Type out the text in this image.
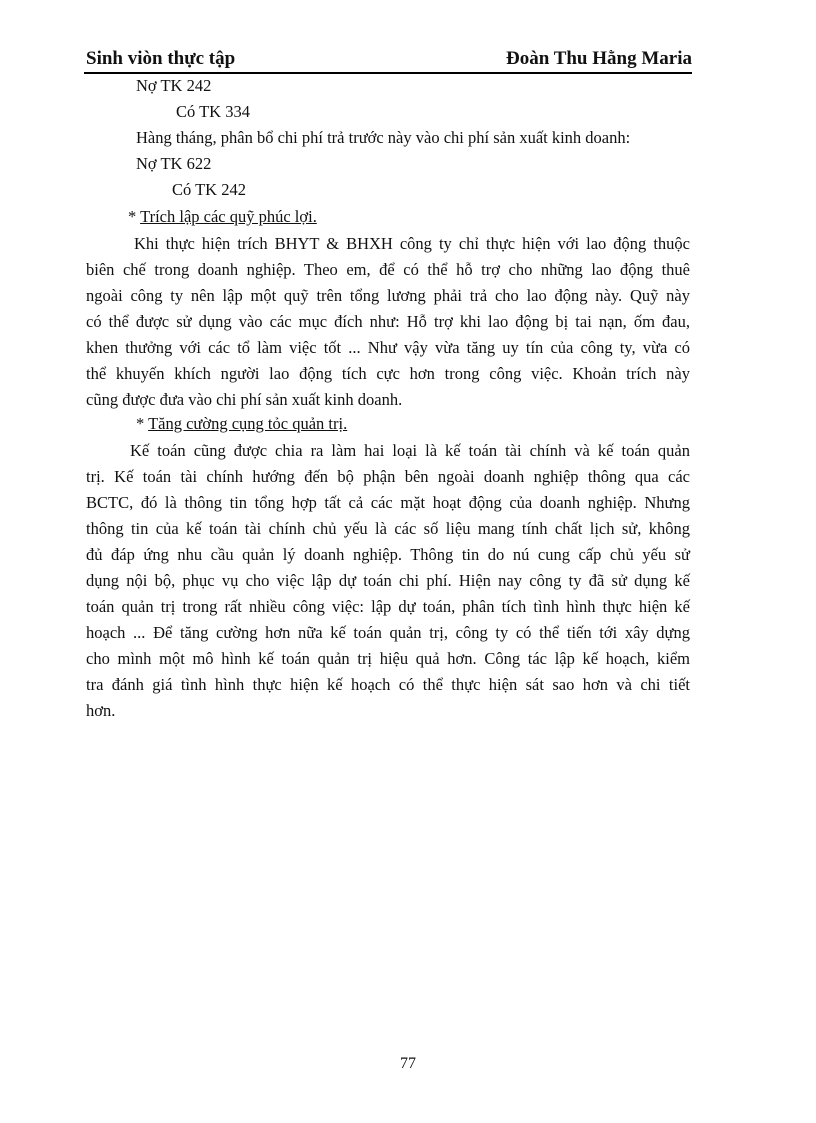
Sinh viòn thực tập	Đoàn Thu Hằng Maria
Nợ TK 242
Có TK 334
Hàng tháng, phân bổ chi phí trả trước này vào chi phí sản xuất kinh doanh:
Nợ TK 622
Có TK 242
* Trích lập các quỹ phúc lợi.
Khi thực hiện trích BHYT & BHXH công ty chỉ thực hiện với lao động thuộc
biên chế trong doanh nghiệp. Theo em, để có thể hỗ trợ cho những lao động thuê
ngoài công ty nên lập một quỹ trên tổng lương phải trả cho lao động này. Quỹ này
có thể được sử dụng vào các mục đích như: Hỗ trợ khi lao động bị tai nạn, ốm đau,
khen thưởng với các tổ làm việc tốt ... Như vậy vừa tăng uy tín của công ty, vừa có
thể khuyến khích người lao động tích cực hơn trong công việc. Khoản trích này
cũng được đưa vào chi phí sản xuất kinh doanh.
* Tăng cường cụng tỏc quản trị.
Kế toán cũng được chia ra làm hai loại là kế toán tài chính và kế toán quản
trị. Kế toán tài chính hướng đến bộ phận bên ngoài doanh nghiệp thông qua các
BCTC, đó là thông tin tổng hợp tất cả các mặt hoạt động của doanh nghiệp. Nhưng
thông tin của kế toán tài chính chủ yếu là các số liệu mang tính chất lịch sử, không
đủ đáp ứng nhu cầu quản lý doanh nghiệp. Thông tin do nú cung cấp chủ yếu sử
dụng nội bộ, phục vụ cho việc lập dự toán chi phí. Hiện nay công ty đã sử dụng kế
toán quản trị trong rất nhiều công việc: lập dự toán, phân tích tình hình thực hiện kế
hoạch ... Để tăng cường hơn nữa kế toán quản trị, công ty có thể tiến tới xây dựng
cho mình một mô hình kế toán quản trị hiệu quả hơn. Công tác lập kế hoạch, kiểm
tra đánh giá tình hình thực hiện kế hoạch có thể thực hiện sát sao hơn và chi tiết
hơn.
77
